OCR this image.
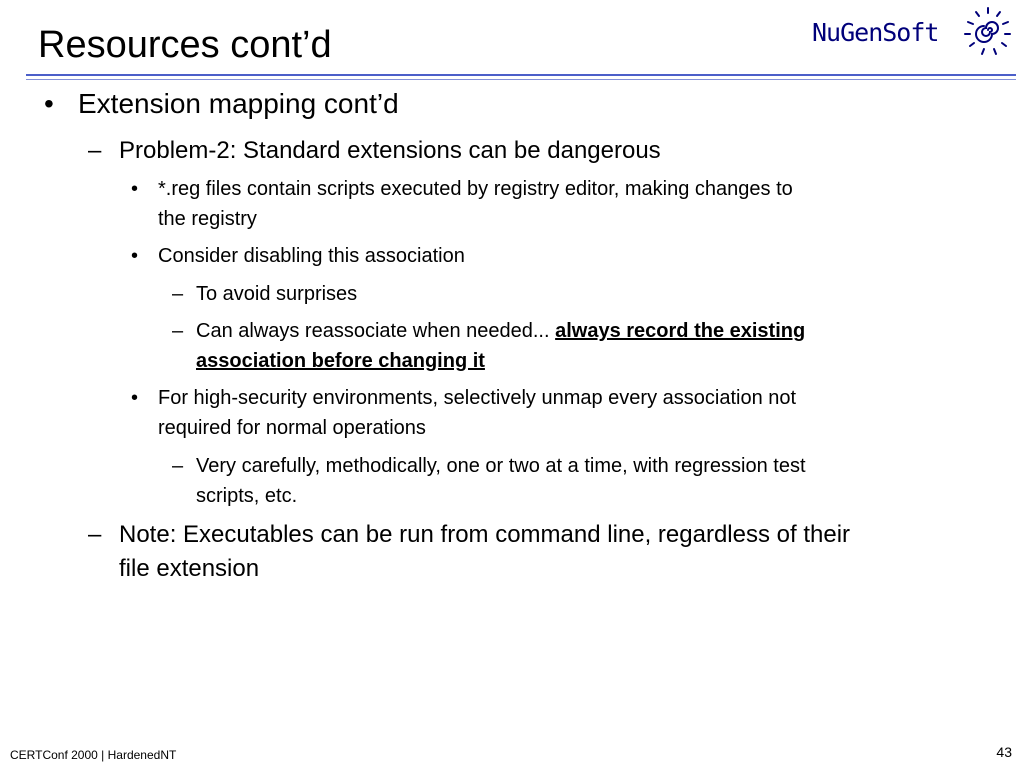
Resources cont’d	NuGenSoft
• Extension mapping cont’d
– Problem-2: Standard extensions can be dangerous
• *.reg files contain scripts executed by registry editor, making changes to
the registry
• Consider disabling this association
– To avoid surprises
– Can always reassociate when needed... always record the existing
association before changing it
• For high-security environments, selectively unmap every association not
required for normal operations
– Very carefully, methodically, one or two at a time, with regression test
scripts, etc.
– Note: Executables can be run from command line, regardless of their
file extension
CERTConf 2000 | HardenedNT	43
